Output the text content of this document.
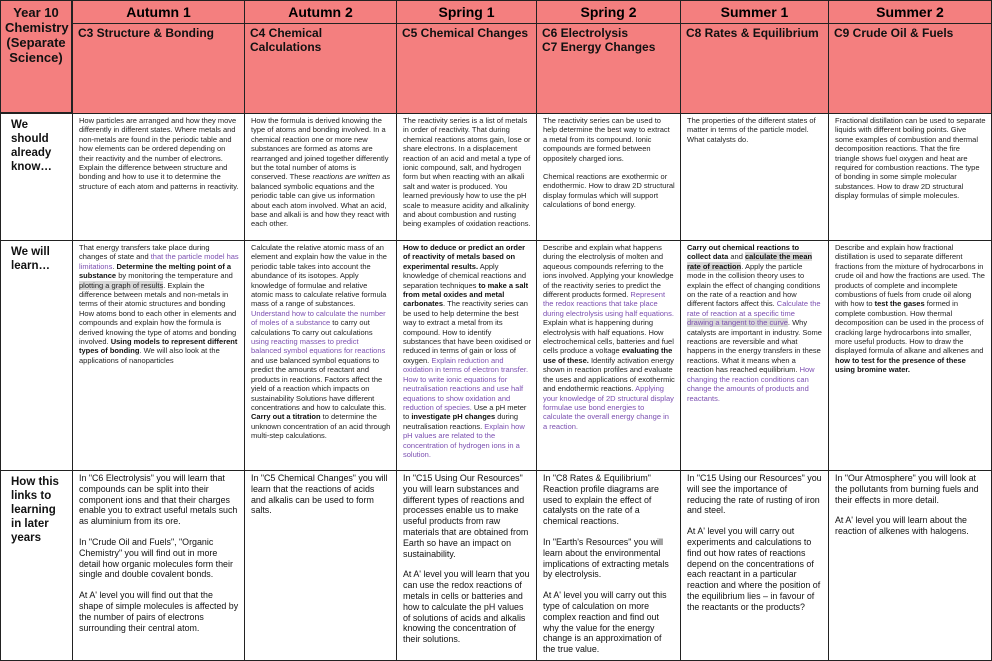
Year 10 Chemistry (Separate Science)
Autumn 1
C3 Structure & Bonding

How particles are arranged and how they move differently in different states. Where metals and non-metals are found in the periodic table and how elements can be ordered depending on their reactivity and the number of electrons. Explain the difference between structure and bonding and how to use it to determine the structure of each atom and patterns in reactivity.

That energy transfers take place during changes of state and that the particle model has limitations. Determine the melting point of a substance by monitoring the temperature and plotting a graph of results. Explain the difference between metals and non-metals in terms of their atomic structures and bonding How atoms bond to each other in elements and compounds and explain how the formula is derived knowing the type of atoms and bonding involved. Using models to represent different types of bonding. We will also look at the applications of nanoparticles

In "C6 Electrolysis" you will learn that compounds can be split into their component ions and that their charges enable you to extract useful metals such as aluminium from its ore.

In "Crude Oil and Fuels", "Organic Chemistry" you will find out in more detail how organic molecules form their single and double covalent bonds.

At A' level you will find out that the shape of simple molecules is affected by the number of pairs of electrons surrounding their central atom.

Autumn 2
C4 Chemical Calculations

How the formula is derived knowing the type of atoms and bonding involved. In a chemical reaction one or more new substances are formed as atoms are rearranged and joined together differently but the total number of atoms is conserved. These reactions are written as balanced symbolic equations and the periodic table can give us information about each atom involved. What an acid, base and alkali is and how they react with each other.

Calculate the relative atomic mass of an element and explain how the value in the periodic table takes into account the abundance of its isotopes. Apply knowledge of formulae and relative atomic mass to calculate relative formula mass of a range of substances. Understand how to calculate the number of moles of a substance to carry out calculations To carry out calculations using reacting masses to predict balanced symbol equations for reactions and use balanced symbol equations to predict the amounts of reactant and products in reactions. Factors affect the yield of a reaction which impacts on sustainability Solutions have different concentrations and how to calculate this. Carry out a titration to determine the unknown concentration of an acid through multi-step calculations.

In "C5 Chemical Changes" you will learn that the reactions of acids and alkalis can be used to form salts.

Spring 1
C5 Chemical Changes

The reactivity series is a list of metals in order of reactivity. That during chemical reactions atoms gain, lose or share electrons. In a displacement reaction of an acid and metal a type of ionic compound, salt, and hydrogen form but when reacting with an alkali salt and water is produced. You learned previously how to use the pH scale to measure acidity and alkalinity and about combustion and rusting being examples of oxidation reactions.

How to deduce or predict an order of reactivity of metals based on experimental results. Apply knowledge of chemical reactions and separation techniques to make a salt from metal oxides and metal carbonates. The reactivity series can be used to help determine the best way to extract a metal from its compound. How to identify substances that have been oxidised or reduced in terms of gain or loss of oxygen. Explain reduction and oxidation in terms of electron transfer. How to write ionic equations for neutralisation reactions and use half equations to show oxidation and reduction of species. Use a pH meter to investigate pH changes during neutralisation reactions. Explain how pH values are related to the concentration of hydrogen ions in a solution.

In "C15 Using Our Resources" you will learn substances and different types of reactions and processes enable us to make useful products from raw materials that are obtained from Earth so have an impact on sustainability.

At A' level you will learn that you can use the redox reactions of metals in cells or batteries and how to calculate the pH values of solutions of acids and alkalis knowing the concentration of their solutions.

Spring 2
C6 Electrolysis
C7 Energy Changes

The reactivity series can be used to help determine the best way to extract a metal from its compound. Ionic compounds are formed between oppositely charged ions.

Chemical reactions are exothermic or endothermic. How to draw 2D structural display formulas which will support calculations of bond energy.

Describe and explain what happens during the electrolysis of molten and aqueous compounds referring to the ions involved. Applying your knowledge of the reactivity series to predict the different products formed. Represent the redox reactions that take place during electrolysis using half equations. Explain what is happening during electrolysis with half equations. How electrochemical cells, batteries and fuel cells produce a voltage evaluating the use of these. Identify activation energy shown in reaction profiles and evaluate the uses and applications of exothermic and endothermic reactions. Applying your knowledge of 2D structural display formulae use bond energies to calculate the overall energy change in a reaction.

In "C8 Rates & Equilibrium" Reaction profile diagrams are used to explain the effect of catalysts on the rate of a chemical reactions.

In "Earth's Resources" you will learn about the environmental implications of extracting metals by electrolysis.

At A' level you will carry out this type of calculation on more complex reaction and find out why the value for the energy change is an approximation of the true value.

Summer 1
C8 Rates & Equilibrium

The properties of the different states of matter in terms of the particle model. What catalysts do.

Carry out chemical reactions to collect data and calculate the mean rate of reaction. Apply the particle mode in the collision theory uses to explain the effect of changing conditions on the rate of a reaction and how different factors affect this. Calculate the rate of reaction at a specific time drawing a tangent to the curve. Why catalysts are important in industry. Some reactions are reversible and what happens in the energy transfers in these reactions. What it means when a reaction has reached equilibrium. How changing the reaction conditions can change the amounts of products and reactants.

In "C15 Using our Resources" you will see the importance of reducing the rate of rusting of iron and steel.

At A' level you will carry out experiments and calculations to find out how rates of reactions depend on the concentrations of each reactant in a particular reaction and where the position of the equilibrium lies – in favour of the reactants or the products?

Summer 2
C9 Crude Oil & Fuels

Fractional distillation can be used to separate liquids with different boiling points. Give some examples of combustion and thermal decomposition reactions. That the fire triangle shows fuel oxygen and heat are required for combustion reactions. The type of bonding in some simple molecular substances. How to draw 2D structural display formulas of simple molecules.

Describe and explain how fractional distillation is used to separate different fractions from the mixture of hydrocarbons in crude oil and how the fractions are used. The products of complete and incomplete combustions of fuels from crude oil along with how to test the gases formed in complete combustion. How thermal decomposition can be used in the process of cracking large hydrocarbons into smaller, more useful products. How to draw the displayed formula of alkane and alkenes and how to test for the presence of these using bromine water.

In "Our Atmosphere" you will look at the pollutants from burning fuels and their effects in more detail.

At A' level you will learn about the reaction of alkenes with halogens.

We should already know…
We will learn…
How this links to learning in later years
